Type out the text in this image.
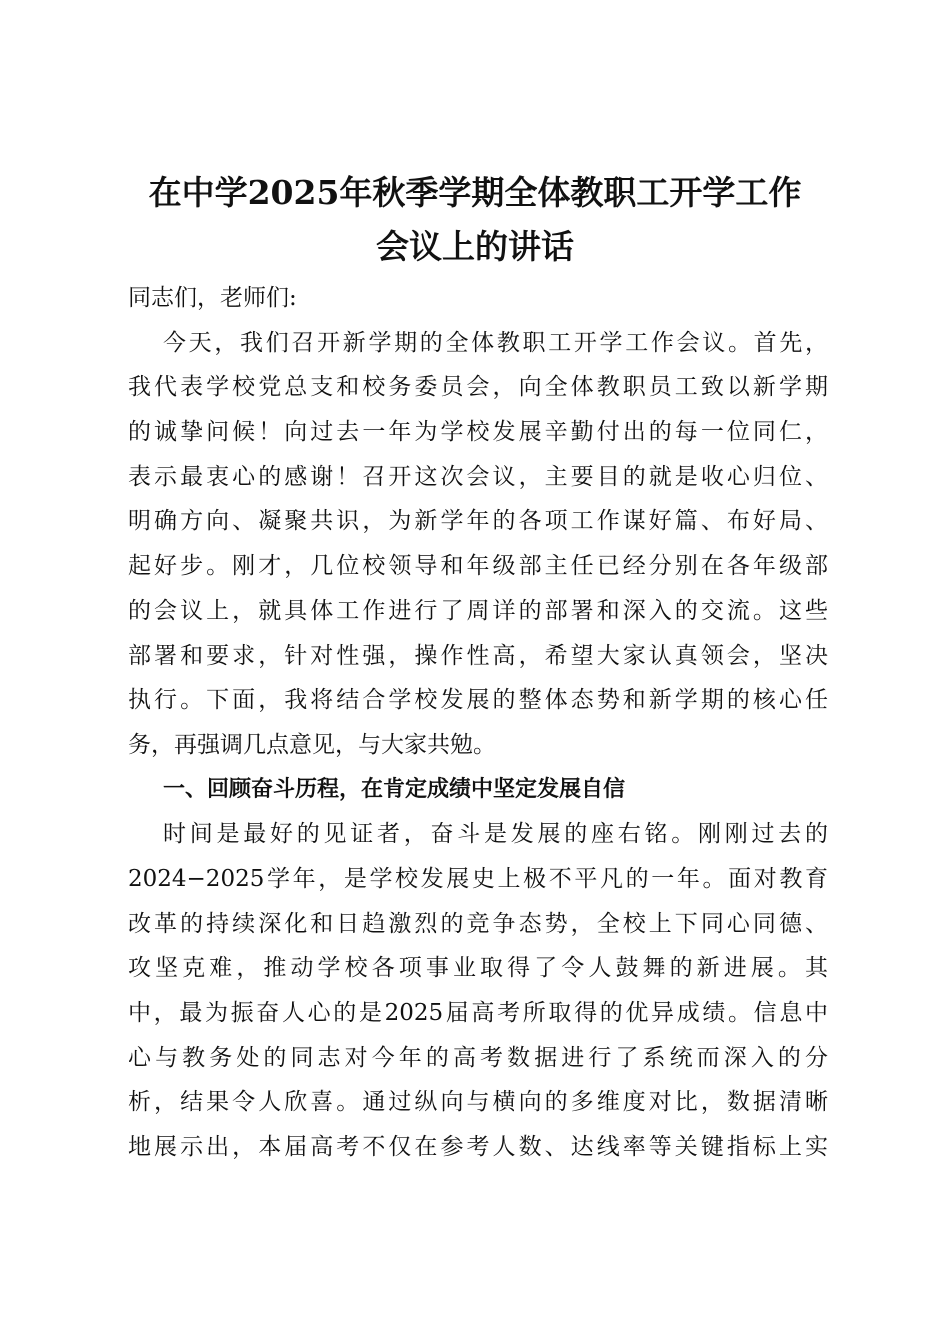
在中学2025年秋季学期全体教职工开学工作
会议上的讲话
同志们，老师们:
今天，我们召开新学期的全体教职工开学工作会议。首先，
我代表学校党总支和校务委员会，向全体教职员工致以新学期
的诚挚问候！向过去一年为学校发展辛勤付出的每一位同仁，
表示最衷心的感谢！召开这次会议，主要目的就是收心归位、
明确方向、凝聚共识，为新学年的各项工作谋好篇、布好局、
起好步。刚才，几位校领导和年级部主任已经分别在各年级部
的会议上，就具体工作进行了周详的部署和深入的交流。这些
部署和要求，针对性强，操作性高，希望大家认真领会，坚决
执行。下面，我将结合学校发展的整体态势和新学期的核心任
务，再强调几点意见，与大家共勉。
一、回顾奋斗历程，在肯定成绩中坚定发展自信
时间是最好的见证者，奋斗是发展的座右铭。刚刚过去的
2024−2025学年，是学校发展史上极不平凡的一年。面对教育
改革的持续深化和日趋激烈的竞争态势，全校上下同心同德、
攻坚克难，推动学校各项事业取得了令人鼓舞的新进展。其
中，最为振奋人心的是2025届高考所取得的优异成绩。信息中
心与教务处的同志对今年的高考数据进行了系统而深入的分
析，结果令人欣喜。通过纵向与横向的多维度对比，数据清晰
地展示出，本届高考不仅在参考人数、达线率等关键指标上实
